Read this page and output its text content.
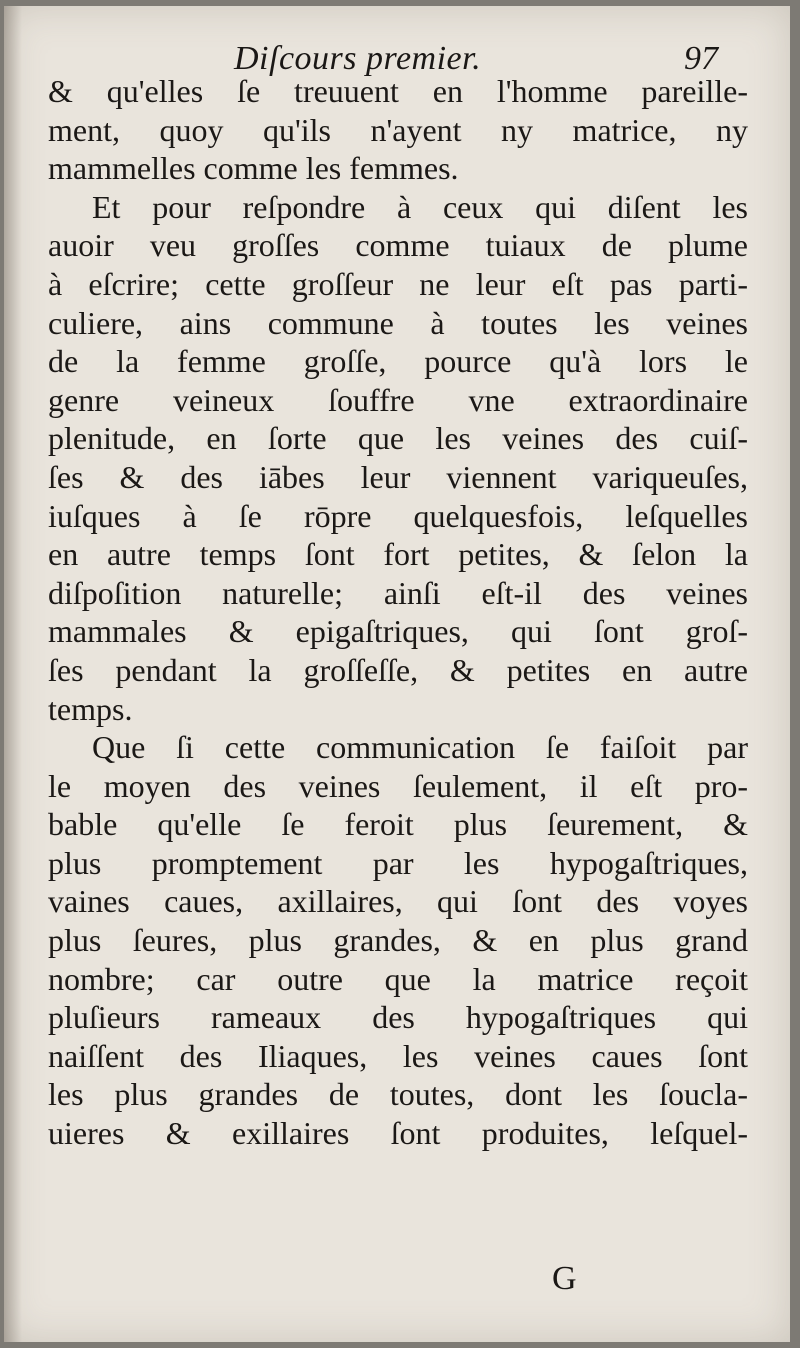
Diſcours premier.	97
& qu'elles ſe treuuent en l'homme pareille-
ment, quoy qu'ils n'ayent ny matrice, ny
mammelles comme les femmes.
Et pour reſpondre à ceux qui diſent les
auoir veu groſſes comme tuiaux de plume
à eſcrire; cette groſſeur ne leur eſt pas parti-
culiere, ains commune à toutes les veines
de la femme groſſe, pource qu'à lors le
genre veineux ſouffre vne extraordinaire
plenitude, en ſorte que les veines des cuiſ-
ſes & des iābes leur viennent variqueuſes,
iuſques à ſe rōpre quelquesfois, leſquelles
en autre temps ſont fort petites, & ſelon la
diſpoſition naturelle; ainſi eſt-il des veines
mammales & epigaſtriques, qui ſont groſ-
ſes pendant la groſſeſſe, & petites en autre
temps.
Que ſi cette communication ſe faiſoit par
le moyen des veines ſeulement, il eſt pro-
bable qu'elle ſe feroit plus ſeurement, &
plus promptement par les hypogaſtriques,
vaines caues, axillaires, qui ſont des voyes
plus ſeures, plus grandes, & en plus grand
nombre; car outre que la matrice reçoit
pluſieurs rameaux des hypogaſtriques qui
naiſſent des Iliaques, les veines caues ſont
les plus grandes de toutes, dont les ſoucla-
uieres & exillaires ſont produites, leſquel-
G
